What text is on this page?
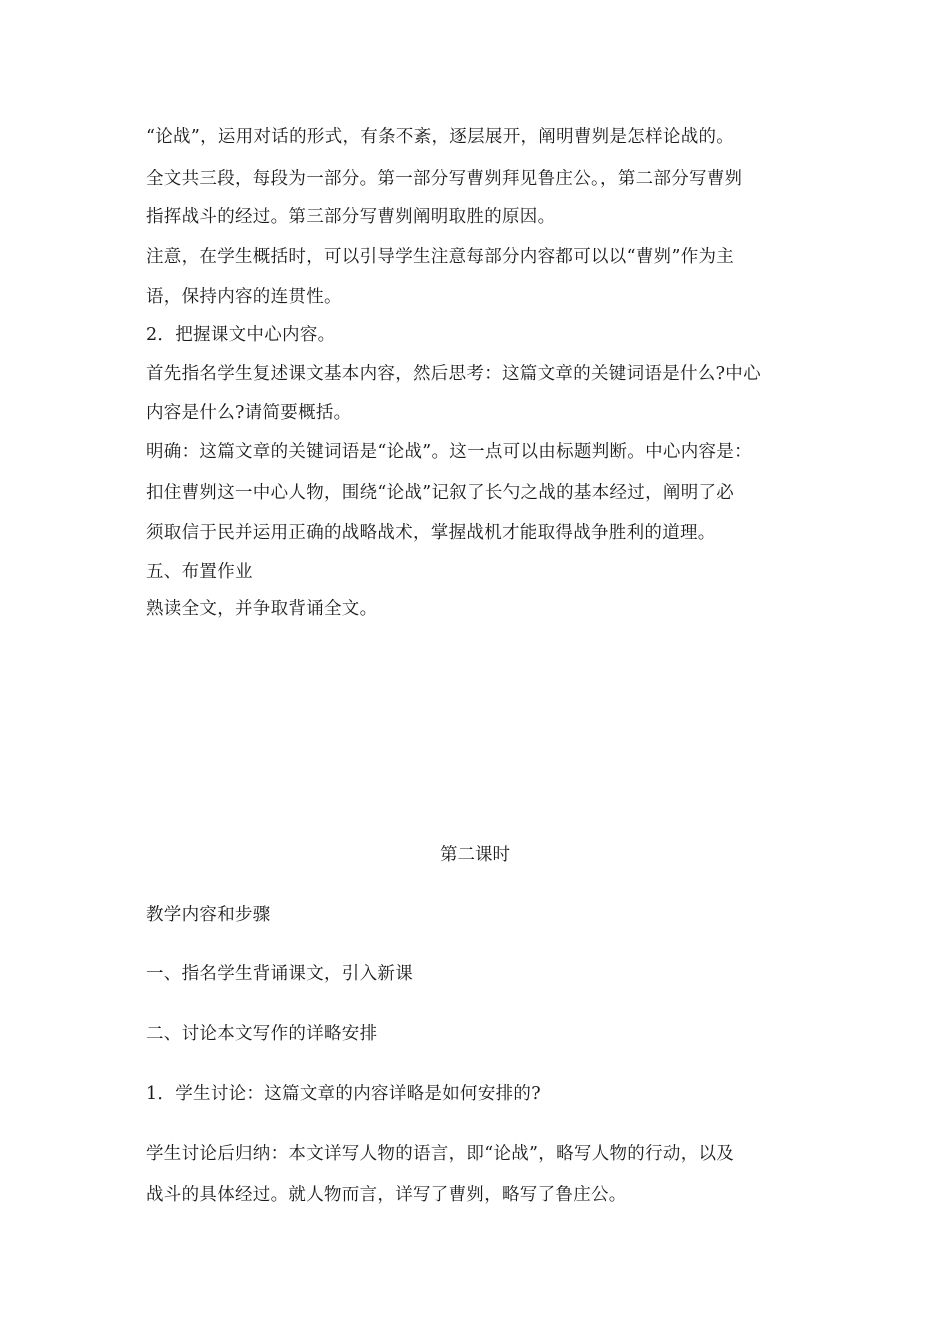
“论战”，运用对话的形式，有条不紊，逐层展开，阐明曹刿是怎样论战的。
全文共三段，每段为一部分。第一部分写曹刿拜见鲁庄公。，第二部分写曹刿
指挥战斗的经过。第三部分写曹刿阐明取胜的原因。
注意，在学生概括时，可以引导学生注意每部分内容都可以以“曹刿”作为主
语，保持内容的连贯性。
2．把握课文中心内容。
首先指名学生复述课文基本内容，然后思考：这篇文章的关键词语是什么?中心
内容是什么?请简要概括。
明确：这篇文章的关键词语是“论战”。这一点可以由标题判断。中心内容是：
扣住曹刿这一中心人物，围绕“论战”记叙了长勺之战的基本经过，阐明了必
须取信于民并运用正确的战略战术，掌握战机才能取得战争胜利的道理。
五、布置作业
熟读全文，并争取背诵全文。
第二课时
教学内容和步骤
一、指名学生背诵课文，引入新课
二、讨论本文写作的详略安排
1．学生讨论：这篇文章的内容详略是如何安排的?
学生讨论后归纳：本文详写人物的语言，即“论战”，略写人物的行动，以及
战斗的具体经过。就人物而言，详写了曹刿，略写了鲁庄公。
